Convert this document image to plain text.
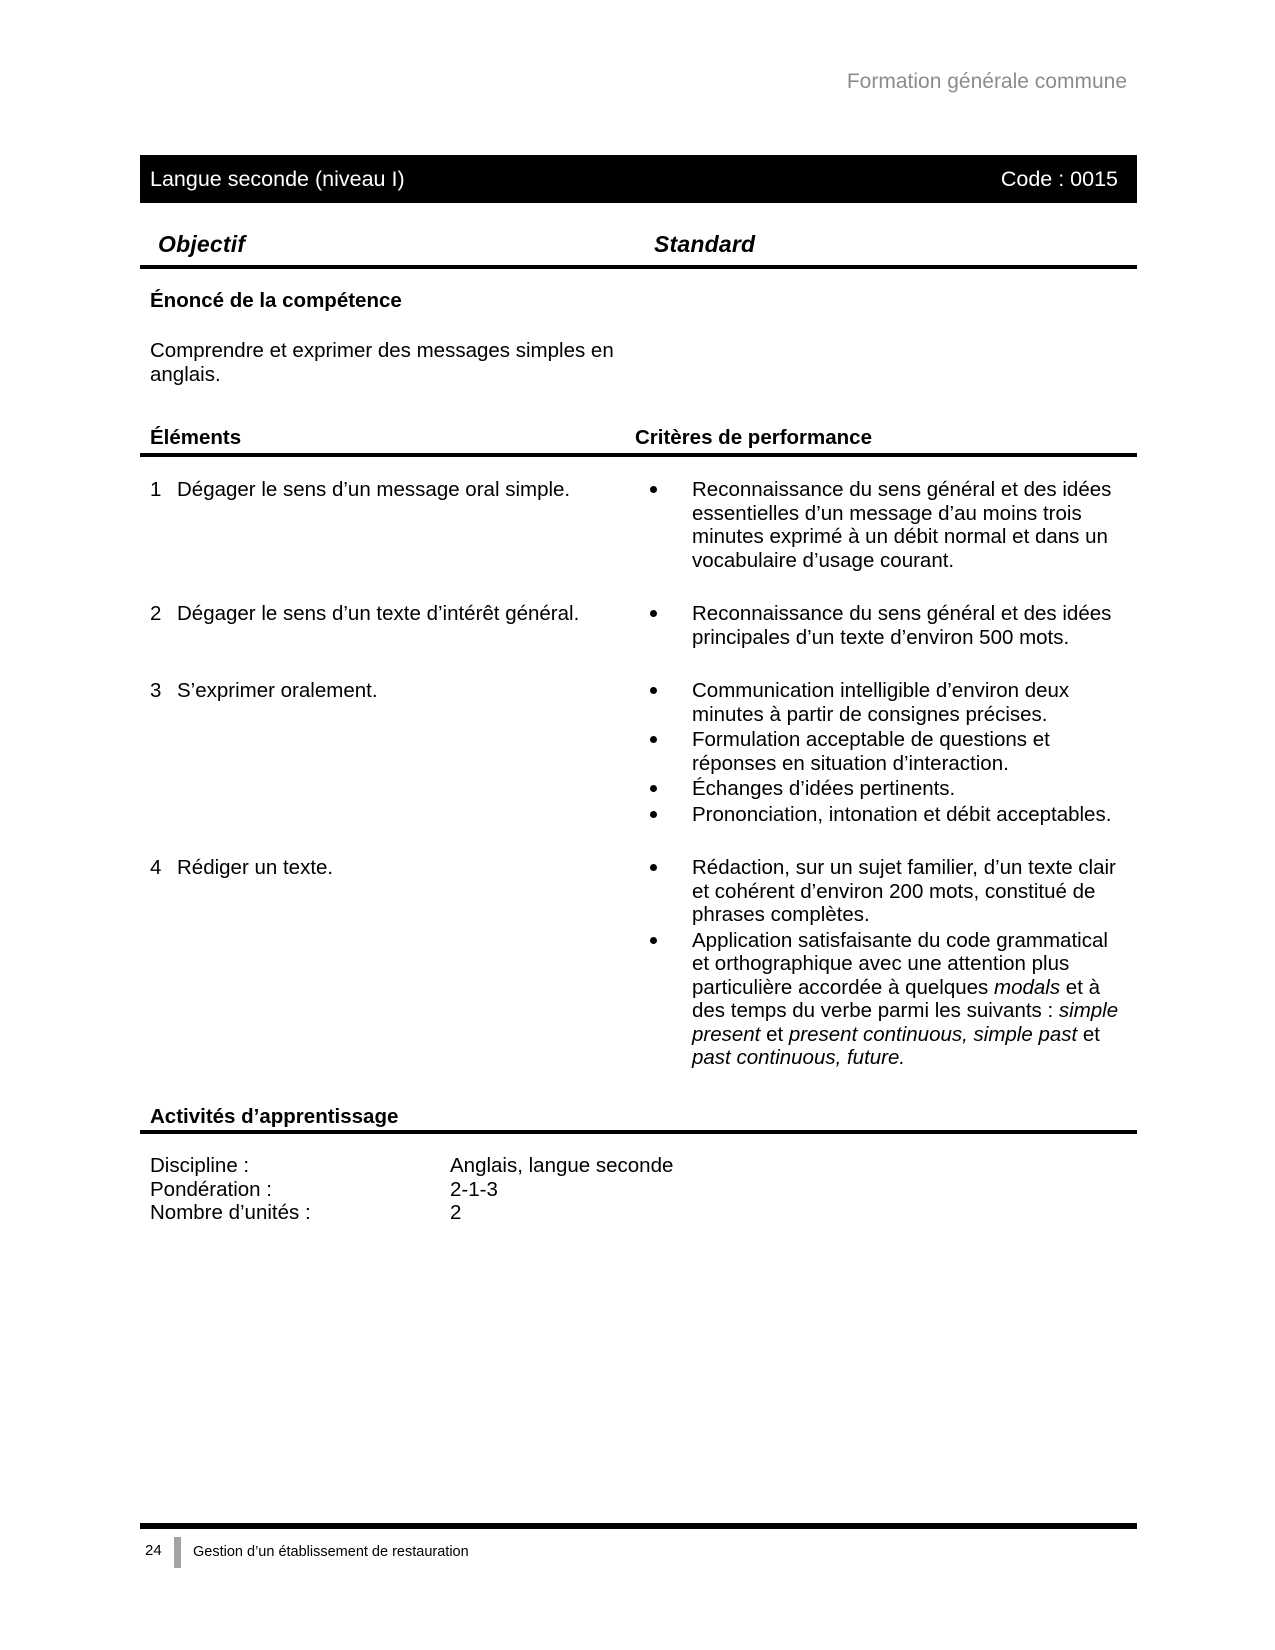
Formation générale commune
Langue seconde (niveau I)	Code : 0015
Objectif	Standard
Énoncé de la compétence
Comprendre et exprimer des messages simples en anglais.
Éléments	Critères de performance
1 Dégager le sens d’un message oral simple.	Reconnaissance du sens général et des idées essentielles d’un message d’au moins trois minutes exprimé à un débit normal et dans un vocabulaire d’usage courant.
2 Dégager le sens d’un texte d’intérêt général.	Reconnaissance du sens général et des idées principales d’un texte d’environ 500 mots.
3 S’exprimer oralement.	Communication intelligible d’environ deux minutes à partir de consignes précises.
Formulation acceptable de questions et réponses en situation d’interaction.
Échanges d’idées pertinents.
Prononciation, intonation et débit acceptables.
4 Rédiger un texte.	Rédaction, sur un sujet familier, d’un texte clair et cohérent d’environ 200 mots, constitué de phrases complètes.
Application satisfaisante du code grammatical et orthographique avec une attention plus particulière accordée à quelques modals et à des temps du verbe parmi les suivants : simple present et present continuous, simple past et past continuous, future.
Activités d’apprentissage
Discipline :	Anglais, langue seconde
Pondération :	2-1-3
Nombre d’unités :	2
24 Gestion d’un établissement de restauration
